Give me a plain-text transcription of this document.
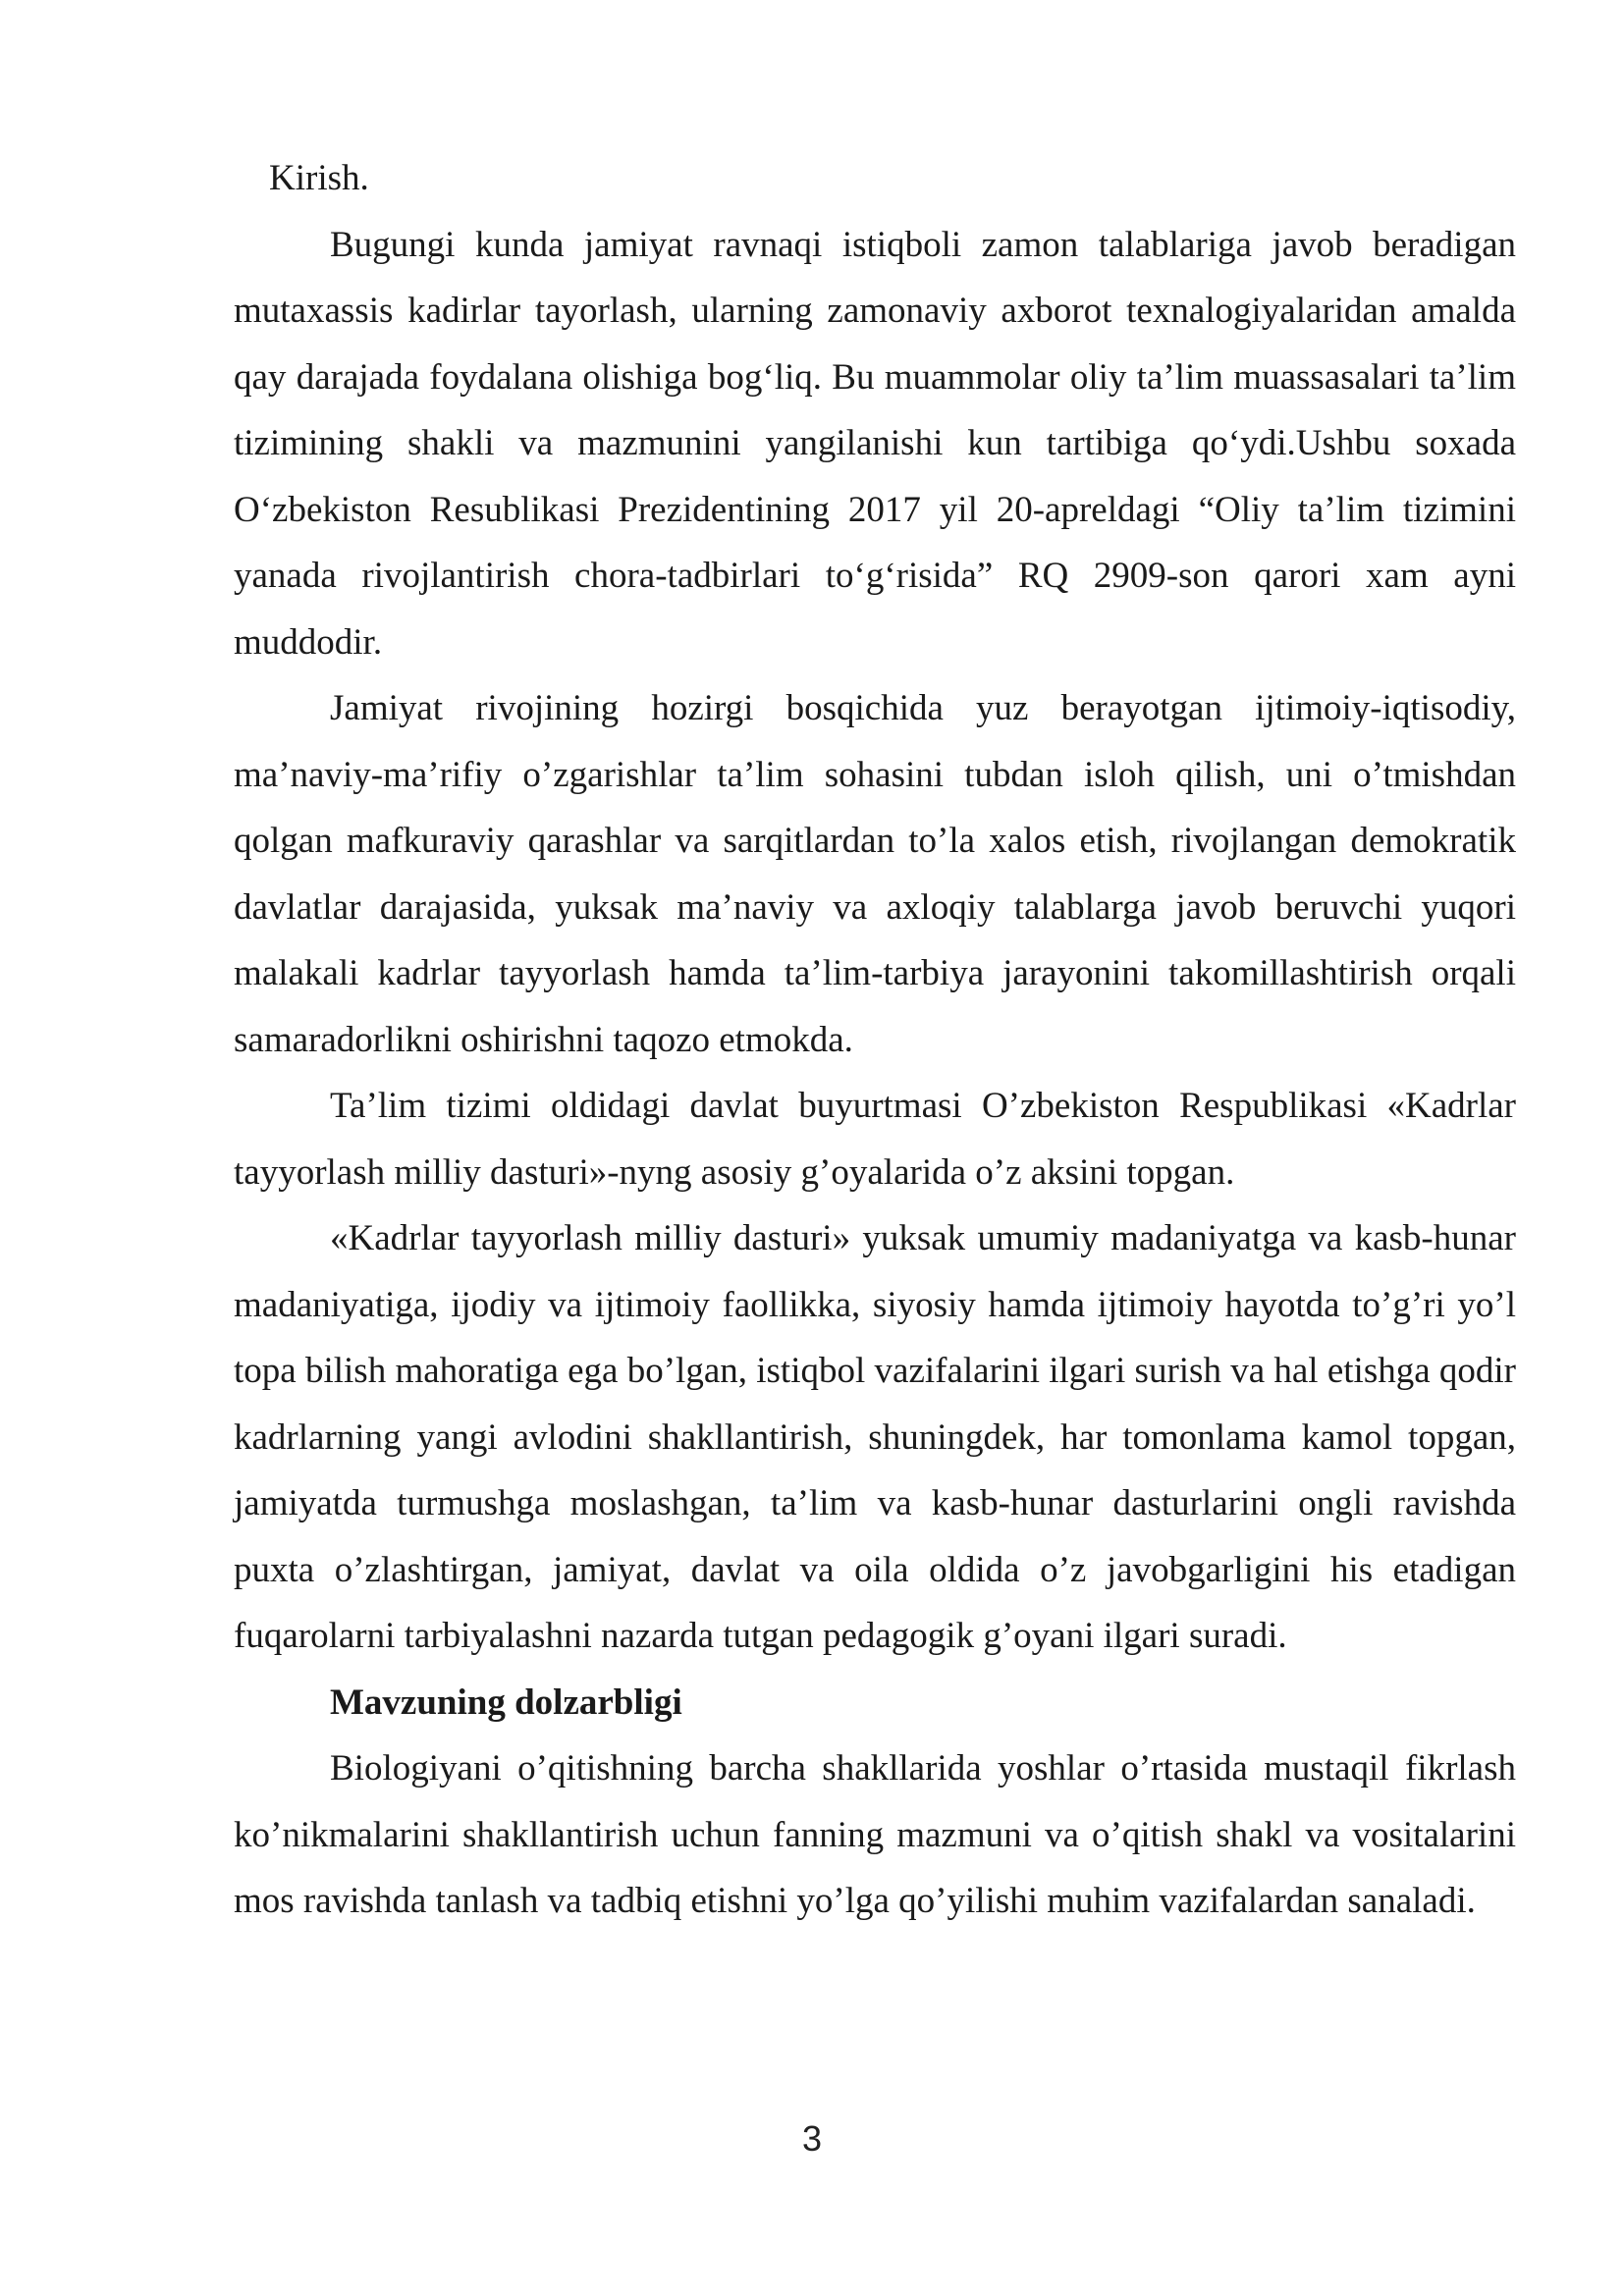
Kirish.

Bugungi kunda jamiyat ravnaqi istiqboli zamon talablariga javob beradigan mutaxassis kadirlar tayorlash, ularning zamonaviy axborot texnalogiyalaridan amalda qay darajada foydalana olishiga bog‘liq. Bu muammolar oliy ta’lim muassasalari ta’lim tizimining shakli va mazmunini yangilanishi kun tartibiga qo‘ydi.Ushbu soxada O‘zbekiston Resublikasi Prezidentining 2017 yil 20-apreldagi “Oliy ta’lim tizimini yanada rivojlantirish chora-tadbirlari to‘g‘risida” RQ 2909-son qarori xam ayni muddodir.

Jamiyat rivojining hozirgi bosqichida yuz berayotgan ijtimoiy-iqtisodiy, ma’naviy-ma’rifiy o’zgarishlar ta’lim sohasini tubdan isloh qilish, uni o’tmishdan qolgan mafkuraviy qarashlar va sarqitlardan to’la xalos etish, rivojlangan demokratik davlatlar darajasida, yuksak ma’naviy va axloqiy talablarga javob beruvchi yuqori malakali kadrlar tayyorlash hamda ta’lim-tarbiya jarayonini takomillashtirish orqali samaradorlikni oshirishni taqozo etmokda.

Ta’lim tizimi oldidagi davlat buyurtmasi O’zbekiston Respublikasi «Kadrlar tayyorlash milliy dasturi»-nyng asosiy g’oyalarida o’z aksini topgan.

«Kadrlar tayyorlash milliy dasturi» yuksak umumiy madaniyatga va kasb-hunar madaniyatiga, ijodiy va ijtimoiy faollikka, siyosiy hamda ijtimoiy hayotda to’g’ri yo’l topa bilish mahoratiga ega bo’lgan, istiqbol vazifalarini ilgari surish va hal etishga qodir kadrlarning yangi avlodini shakllantirish, shuningdek, har tomonlama kamol topgan, jamiyatda turmushga moslashgan, ta’lim va kasb-hunar dasturlarini ongli ravishda puxta o’zlashtirgan, jamiyat, davlat va oila oldida o’z javobgarligini his etadigan fuqarolarni tarbiyalashni nazarda tutgan pedagogik g’oyani ilgari suradi.

Mavzuning dolzarbligi

Biologiyani o’qitishning barcha shakllarida yoshlar o’rtasida mustaqil fikrlash ko’nikmalarini shakllantirish uchun fanning mazmuni va o’qitish shakl va vositalarini mos ravishda tanlash va tadbiq etishni yo’lga qo’yilishi muhim vazifalardan sanaladi.

3
